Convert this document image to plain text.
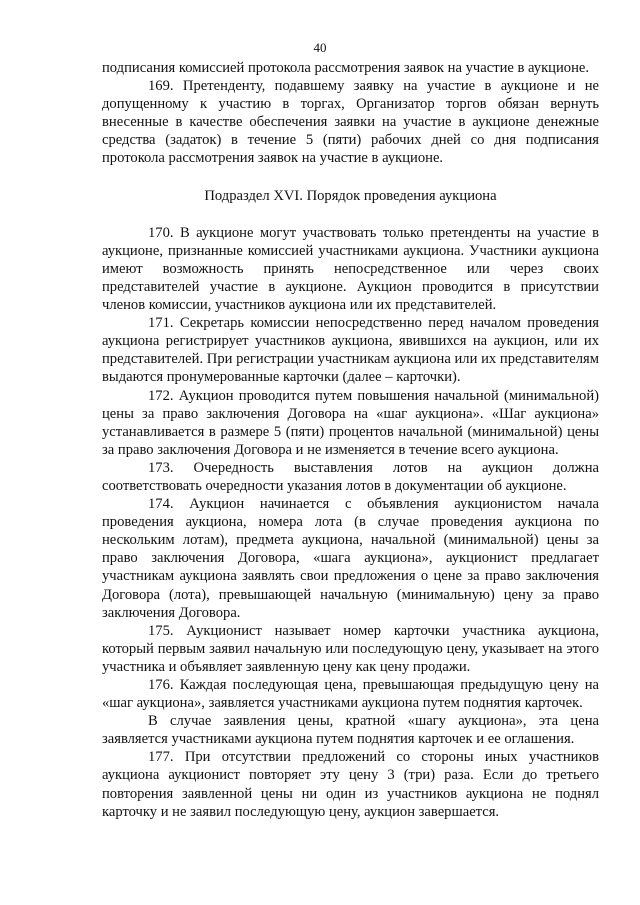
40

подписания комиссией протокола рассмотрения заявок на участие в аукционе.

169. Претенденту, подавшему заявку на участие в аукционе и не допущенному к участию в торгах, Организатор торгов обязан вернуть внесенные в качестве обеспечения заявки на участие в аукционе денежные средства (задаток) в течение 5 (пяти) рабочих дней со дня подписания протокола рассмотрения заявок на участие в аукционе.

Подраздел XVI. Порядок проведения аукциона

170. В аукционе могут участвовать только претенденты на участие в аукционе, признанные комиссией участниками аукциона. Участники аукциона имеют возможность принять непосредственное или через своих представителей участие в аукционе. Аукцион проводится в присутствии членов комиссии, участников аукциона или их представителей.

171. Секретарь комиссии непосредственно перед началом проведения аукциона регистрирует участников аукциона, явившихся на аукцион, или их представителей. При регистрации участникам аукциона или их представителям выдаются пронумерованные карточки (далее – карточки).

172. Аукцион проводится путем повышения начальной (минимальной) цены за право заключения Договора на «шаг аукциона». «Шаг аукциона» устанавливается в размере 5 (пяти) процентов начальной (минимальной) цены за право заключения Договора и не изменяется в течение всего аукциона.

173. Очередность выставления лотов на аукцион должна соответствовать очередности указания лотов в документации об аукционе.

174. Аукцион начинается с объявления аукционистом начала проведения аукциона, номера лота (в случае проведения аукциона по нескольким лотам), предмета аукциона, начальной (минимальной) цены за право заключения Договора, «шага аукциона», аукционист предлагает участникам аукциона заявлять свои предложения о цене за право заключения Договора (лота), превышающей начальную (минимальную) цену за право заключения Договора.

175. Аукционист называет номер карточки участника аукциона, который первым заявил начальную или последующую цену, указывает на этого участника и объявляет заявленную цену как цену продажи.

176. Каждая последующая цена, превышающая предыдущую цену на «шаг аукциона», заявляется участниками аукциона путем поднятия карточек.

В случае заявления цены, кратной «шагу аукциона», эта цена заявляется участниками аукциона путем поднятия карточек и ее оглашения.

177. При отсутствии предложений со стороны иных участников аукциона аукционист повторяет эту цену 3 (три) раза. Если до третьего повторения заявленной цены ни один из участников аукциона не поднял карточку и не заявил последующую цену, аукцион завершается.
